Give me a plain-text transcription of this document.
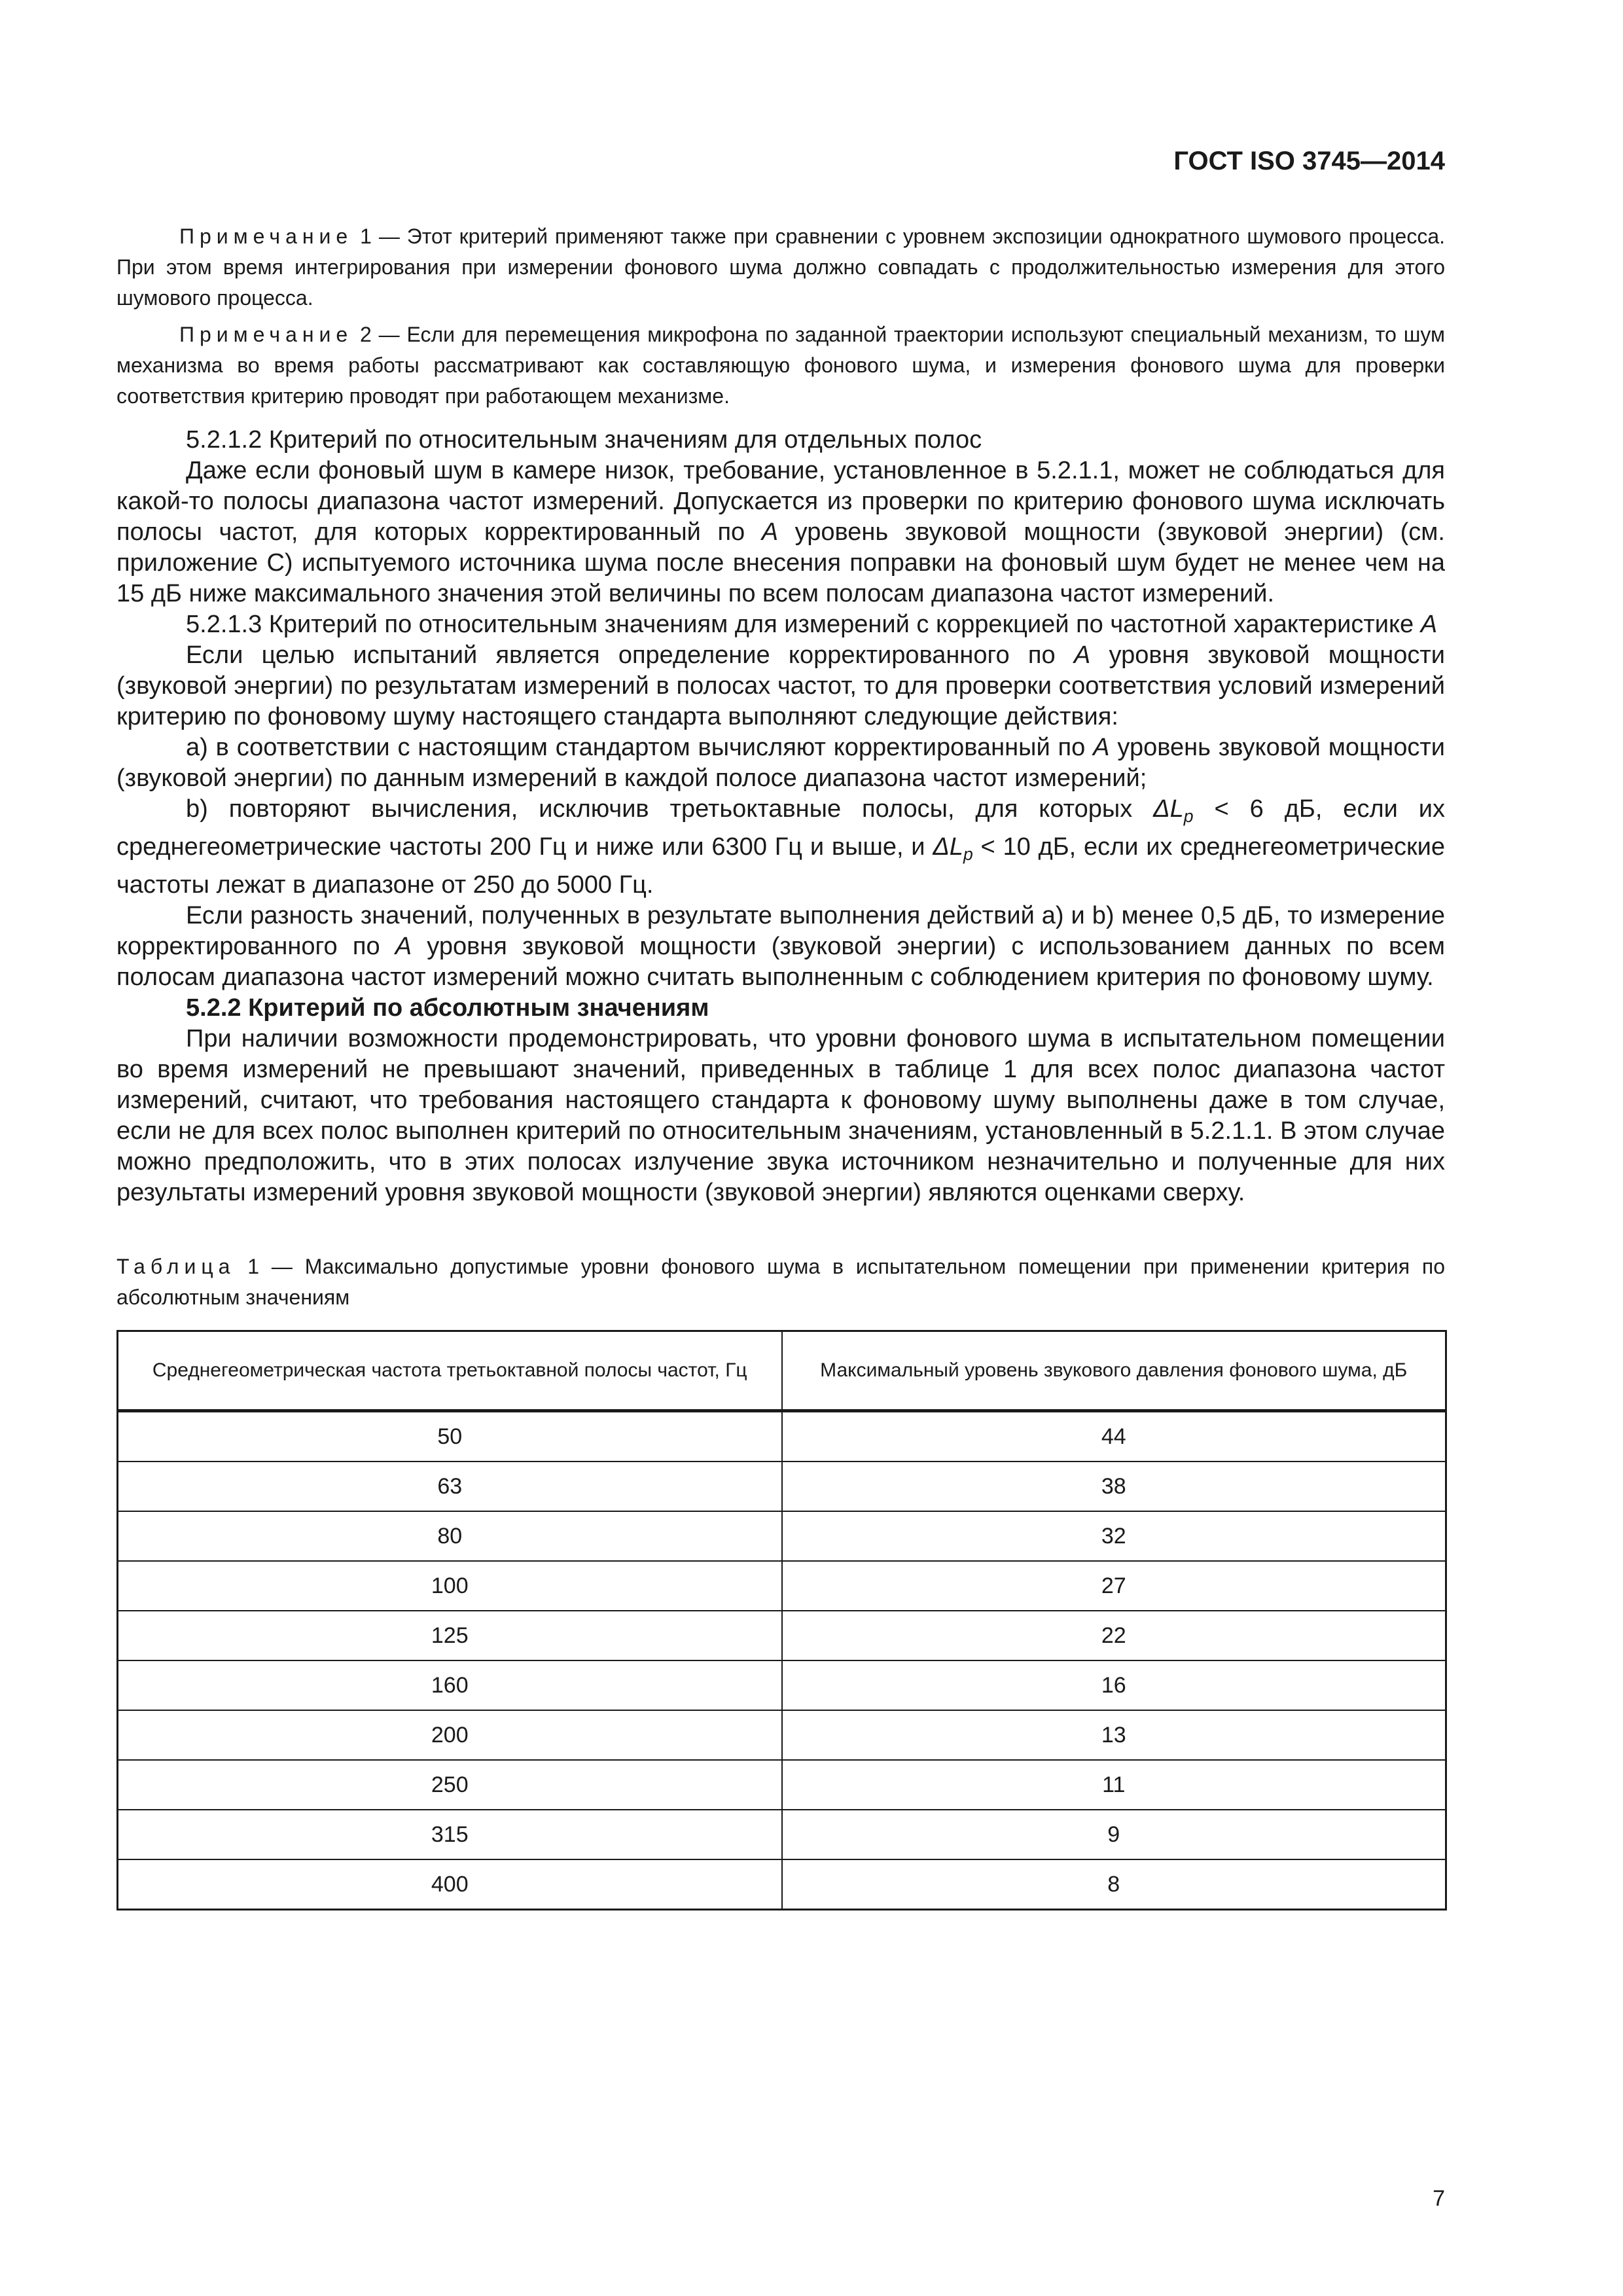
ГОСТ ISO 3745—2014

Примечание 1 — Этот критерий применяют также при сравнении с уровнем экспозиции однократного шумового процесса. При этом время интегрирования при измерении фонового шума должно совпадать с продолжительностью измерения для этого шумового процесса.

Примечание 2 — Если для перемещения микрофона по заданной траектории используют специальный механизм, то шум механизма во время работы рассматривают как составляющую фонового шума, и измерения фонового шума для проверки соответствия критерию проводят при работающем механизме.

5.2.1.2 Критерий по относительным значениям для отдельных полос

Даже если фоновый шум в камере низок, требование, установленное в 5.2.1.1, может не соблюдаться для какой-то полосы диапазона частот измерений. Допускается из проверки по критерию фонового шума исключать полосы частот, для которых корректированный по А уровень звуковой мощности (звуковой энергии) (см. приложение С) испытуемого источника шума после внесения поправки на фоновый шум будет не менее чем на 15 дБ ниже максимального значения этой величины по всем полосам диапазона частот измерений.

5.2.1.3 Критерий по относительным значениям для измерений с коррекцией по частотной характеристике А

Если целью испытаний является определение корректированного по А уровня звуковой мощности (звуковой энергии) по результатам измерений в полосах частот, то для проверки соответствия условий измерений критерию по фоновому шуму настоящего стандарта выполняют следующие действия:

a) в соответствии с настоящим стандартом вычисляют корректированный по А уровень звуковой мощности (звуковой энергии) по данным измерений в каждой полосе диапазона частот измерений;

b) повторяют вычисления, исключив третьоктавные полосы, для которых $\Delta L_p < 6$ дБ, если их среднегеометрические частоты 200 Гц и ниже или 6300 Гц и выше, и $\Delta L_p < 10$ дБ, если их среднегеометрические частоты лежат в диапазоне от 250 до 5000 Гц.

Если разность значений, полученных в результате выполнения действий a) и b) менее 0,5 дБ, то измерение корректированного по А уровня звуковой мощности (звуковой энергии) с использованием данных по всем полосам диапазона частот измерений можно считать выполненным с соблюдением критерия по фоновому шуму.

5.2.2 Критерий по абсолютным значениям

При наличии возможности продемонстрировать, что уровни фонового шума в испытательном помещении во время измерений не превышают значений, приведенных в таблице 1 для всех полос диапазона частот измерений, считают, что требования настоящего стандарта к фоновому шуму выполнены даже в том случае, если не для всех полос выполнен критерий по относительным значениям, установленный в 5.2.1.1. В этом случае можно предположить, что в этих полосах излучение звука источником незначительно и полученные для них результаты измерений уровня звуковой мощности (звуковой энергии) являются оценками сверху.

Таблица 1 — Максимально допустимые уровни фонового шума в испытательном помещении при применении критерия по абсолютным значениям

Среднегеометрическая частота третьоктавной полосы частот, Гц	Максимальный уровень звукового давления фонового шума, дБ
50	44
63	38
80	32
100	27
125	22
160	16
200	13
250	11
315	9
400	8
7
